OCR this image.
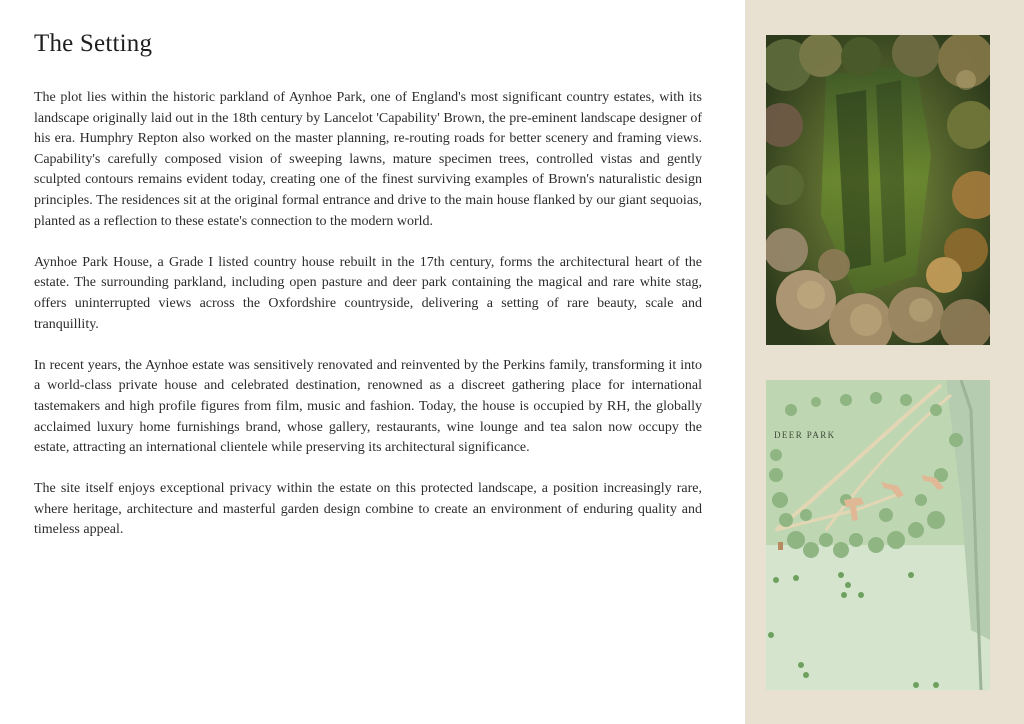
The Setting

The plot lies within the historic parkland of Aynhoe Park, one of England's most significant country estates, with its landscape originally laid out in the 18th century by Lancelot 'Capability' Brown, the pre-eminent landscape designer of his era. Humphry Repton also worked on the master planning, re-routing roads for better scenery and framing views. Capability's carefully composed vision of sweeping lawns, mature specimen trees, controlled vistas and gently sculpted contours remains evident today, creating one of the finest surviving examples of Brown's naturalistic design principles. The residences sit at the original formal entrance and drive to the main house flanked by our giant sequoias, planted as a reflection to these estate's connection to the modern world.

Aynhoe Park House, a Grade I listed country house rebuilt in the 17th century, forms the architectural heart of the estate. The surrounding parkland, including open pasture and deer park containing the magical and rare white stag, offers uninterrupted views across the Oxfordshire countryside, delivering a setting of rare beauty, scale and tranquillity.

In recent years, the Aynhoe estate was sensitively renovated and reinvented by the Perkins family, transforming it into a world-class private house and celebrated destination, renowned as a discreet gathering place for international tastemakers and high profile figures from film, music and fashion. Today, the house is occupied by RH, the globally acclaimed luxury home furnishings brand, whose gallery, restaurants, wine lounge and tea salon now occupy the estate, attracting an international clientele while preserving its architectural significance.

The site itself enjoys exceptional privacy within the estate on this protected landscape, a position increasingly rare, where heritage, architecture and masterful garden design combine to create an environment of enduring quality and timeless appeal.

DEER PARK
